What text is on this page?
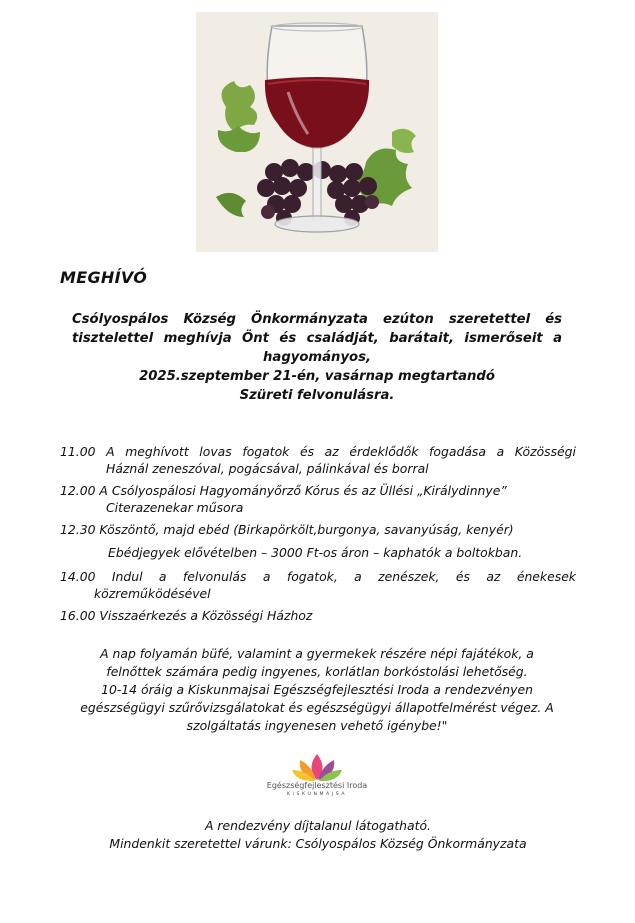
MEGHÍVÓ
Csólyospálos Község Önkormányzata ezúton szeretettel és
tisztelettel meghívja Önt és családját, barátait, ismerőseit a
hagyományos,
2025.szeptember 21-én, vasárnap megtartandó
Szüreti felvonulásra.
11.00 A meghívott lovas fogatok és az érdeklődők fogadása a Közösségi
Háznál zeneszóval, pogácsával, pálinkával és borral
12.00 A Csólyospálosi Hagyományőrző Kórus és az Üllési „Királydinnye”
Citerazenekar műsora
12.30 Köszöntő, majd ebéd (Birkapörkölt,burgonya, savanyúság, kenyér)
Ebédjegyek elővételben – 3000 Ft-os áron – kaphatók a boltokban.
14.00 Indul a felvonulás a fogatok, a zenészek, és az énekesek
közreműködésével
16.00 Visszaérkezés a Közösségi Házhoz
A nap folyamán büfé, valamint a gyermekek részére népi fajátékok, a
felnőttek számára pedig ingyenes, korlátlan borkóstolási lehetőség.
10-14 óráig a Kiskunmajsai Egészségfejlesztési Iroda a rendezvényen
egészségügyi szűrővizsgálatokat és egészségügyi állapotfelmérést végez. A
szolgáltatás ingyenesen vehető igénybe!"
Egészségfejlesztési Iroda
KISKUNMAJSA
A rendezvény díjtalanul látogatható.
Mindenkit szeretettel várunk: Csólyospálos Község Önkormányzata
